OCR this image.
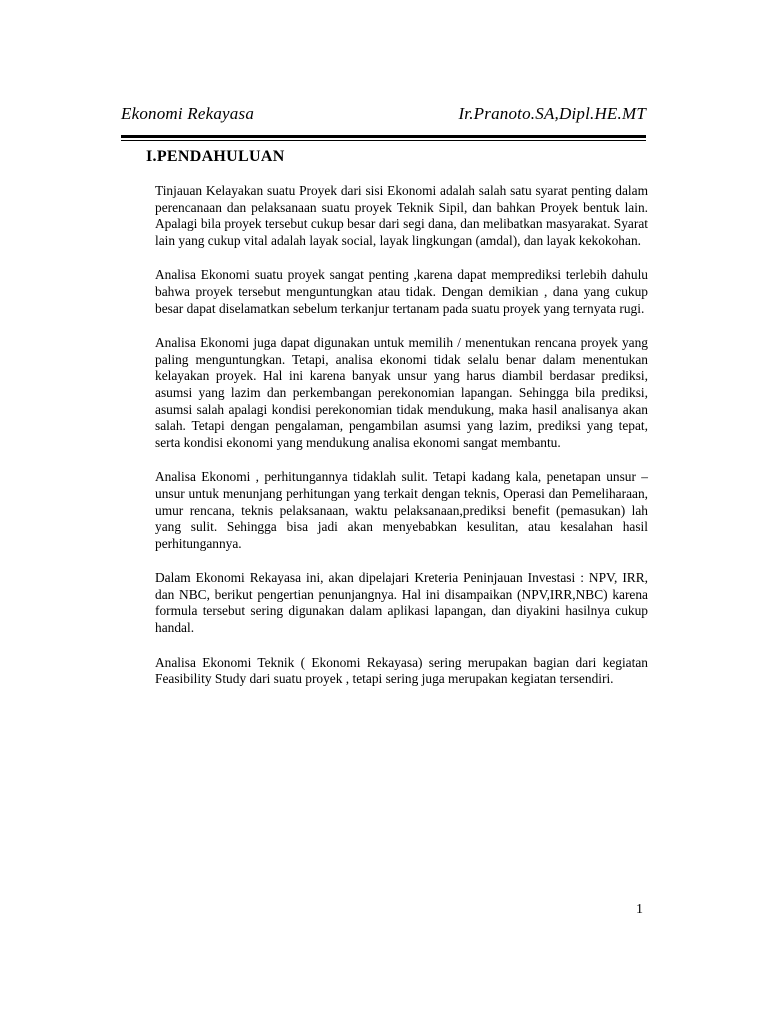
Ekonomi Rekayasa	Ir.Pranoto.SA,Dipl.HE.MT
I.PENDAHULUAN

Tinjauan Kelayakan suatu Proyek dari sisi Ekonomi adalah salah satu syarat penting dalam perencanaan dan pelaksanaan suatu proyek Teknik Sipil, dan bahkan Proyek bentuk lain. Apalagi bila proyek tersebut cukup besar dari segi dana, dan melibatkan masyarakat. Syarat lain yang cukup vital adalah layak social, layak lingkungan (amdal), dan layak kekokohan.

Analisa Ekonomi suatu proyek sangat penting ,karena dapat memprediksi terlebih dahulu bahwa proyek tersebut menguntungkan atau tidak. Dengan demikian , dana yang cukup besar dapat diselamatkan sebelum terkanjur tertanam pada suatu proyek yang ternyata rugi.

Analisa Ekonomi juga dapat digunakan untuk memilih / menentukan rencana proyek yang paling menguntungkan. Tetapi, analisa ekonomi tidak selalu benar dalam menentukan kelayakan proyek. Hal ini karena banyak unsur yang harus diambil berdasar prediksi, asumsi yang lazim dan perkembangan perekonomian lapangan. Sehingga bila prediksi, asumsi salah apalagi kondisi perekonomian tidak mendukung, maka hasil analisanya akan salah. Tetapi dengan pengalaman, pengambilan asumsi yang lazim, prediksi yang tepat, serta kondisi ekonomi yang mendukung analisa ekonomi sangat membantu.

Analisa Ekonomi , perhitungannya tidaklah sulit. Tetapi kadang kala, penetapan unsur – unsur untuk menunjang perhitungan yang terkait dengan teknis, Operasi dan Pemeliharaan, umur rencana, teknis pelaksanaan, waktu pelaksanaan,prediksi benefit (pemasukan) lah yang sulit. Sehingga bisa jadi akan menyebabkan kesulitan, atau kesalahan hasil perhitungannya.

Dalam Ekonomi Rekayasa ini, akan dipelajari Kreteria Peninjauan Investasi : NPV, IRR, dan NBC, berikut pengertian penunjangnya. Hal ini disampaikan (NPV,IRR,NBC) karena formula tersebut sering digunakan dalam aplikasi lapangan, dan diyakini hasilnya cukup handal.

Analisa Ekonomi Teknik ( Ekonomi Rekayasa) sering merupakan bagian dari kegiatan Feasibility Study dari suatu proyek , tetapi sering juga merupakan kegiatan tersendiri.

1
